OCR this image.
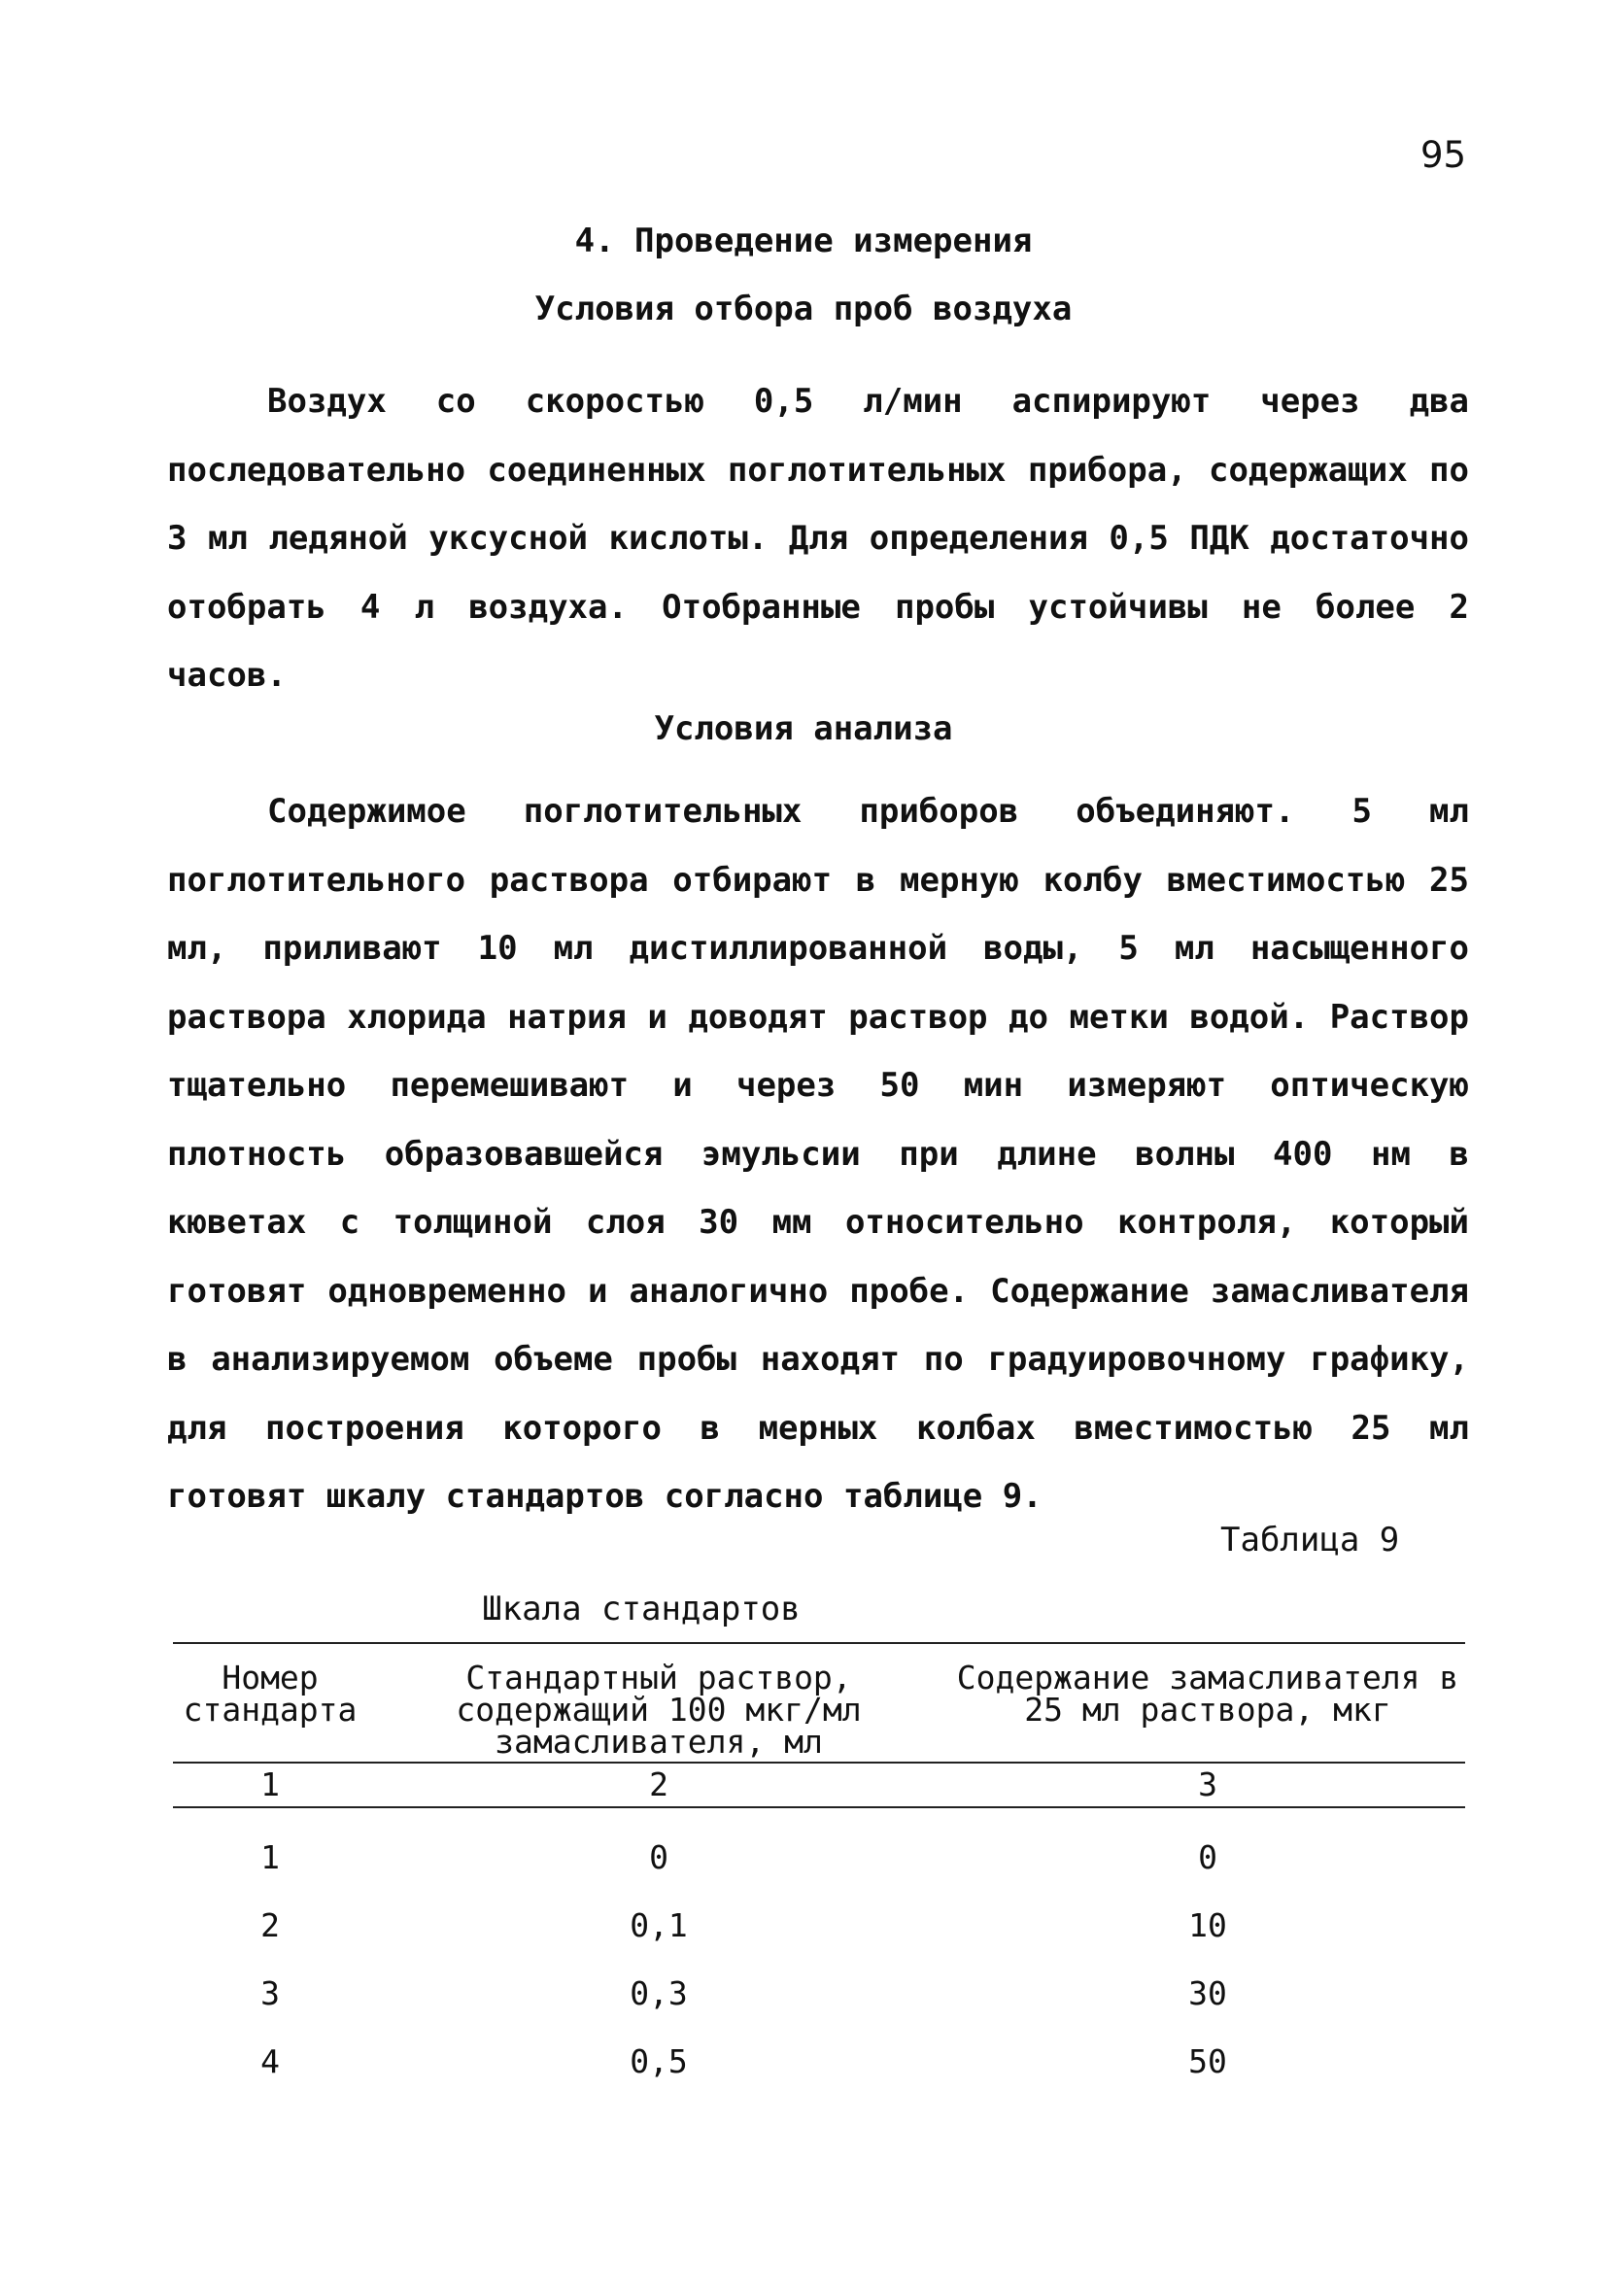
95
4. Проведение измерения
Условия отбора проб воздуха

Воздух со скоростью 0,5 л/мин аспирируют через два последовательно соединенных поглотительных прибора, содержащих по 3 мл ледяной уксусной кислоты. Для определения 0,5 ПДК достаточно отобрать 4 л воздуха. Отобранные пробы устойчивы не более 2 часов.

Условия анализа

Содержимое поглотительных приборов объединяют. 5 мл поглотительного раствора отбирают в мерную колбу вместимостью 25 мл, приливают 10 мл дистиллированной воды, 5 мл насыщенного раствора хлорида натрия и доводят раствор до метки водой. Раствор тщательно перемешивают и через 50 мин измеряют оптическую плотность образовавшейся эмульсии при длине волны 400 нм в кюветах с толщиной слоя 30 мм относительно контроля, который готовят одновременно и аналогично пробе. Содержание замасливателя в анализируемом объеме пробы находят по градуировочному графику, для построения которого в мерных колбах вместимостью 25 мл готовят шкалу стандартов согласно таблице 9.

Таблица 9
Шкала стандартов
Номер стандарта	Стандартный раствор, содержащий 100 мкг/мл замасливателя, мл	Содержание замасливателя в 25 мл раствора, мкг
1	2	3
1	0	0
2	0,1	10
3	0,3	30
4	0,5	50
